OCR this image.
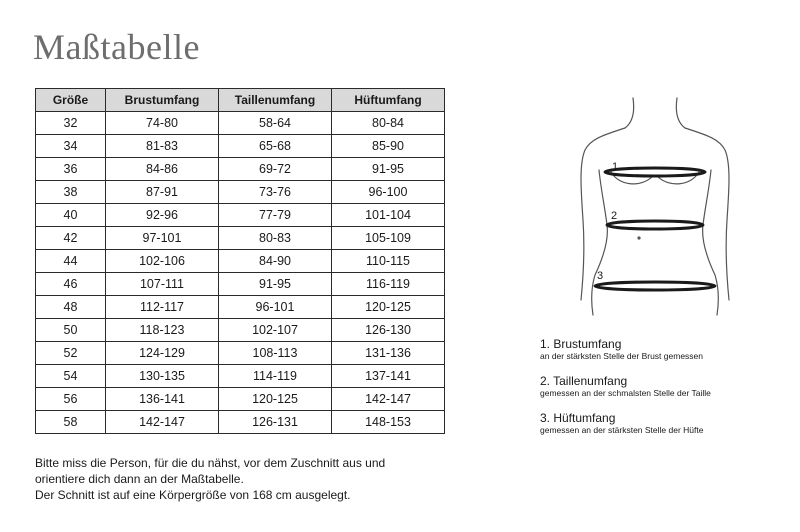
Maßtabelle
Größe	Brustumfang	Taillenumfang	Hüftumfang
32	74-80	58-64	80-84
34	81-83	65-68	85-90
36	84-86	69-72	91-95
38	87-91	73-76	96-100
40	92-96	77-79	101-104
42	97-101	80-83	105-109
44	102-106	84-90	110-115
46	107-111	91-95	116-119
48	112-117	96-101	120-125
50	118-123	102-107	126-130
52	124-129	108-113	131-136
54	130-135	114-119	137-141
56	136-141	120-125	142-147
58	142-147	126-131	148-153
Bitte miss die Person, für die du nähst, vor dem Zuschnitt aus und
orientiere dich dann an der Maßtabelle.
Der Schnitt ist auf eine Körpergröße von 168 cm ausgelegt.
1
2
3
1. Brustumfang
an der stärksten Stelle der Brust gemessen
2. Taillenumfang
gemessen an der schmalsten Stelle der Taille
3. Hüftumfang
gemessen an der stärksten Stelle der Hüfte
